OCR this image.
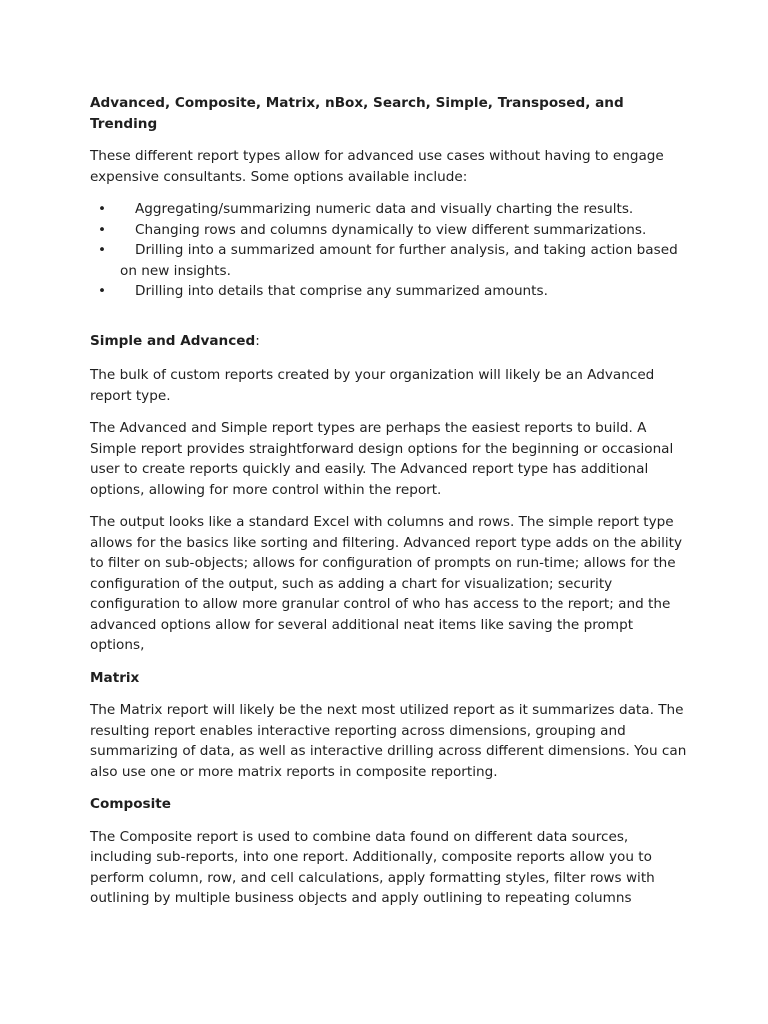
Advanced, Composite, Matrix, nBox, Search, Simple, Transposed, and Trending

These different report types allow for advanced use cases without having to engage expensive consultants. Some options available include:

• Aggregating/summarizing numeric data and visually charting the results.
• Changing rows and columns dynamically to view different summarizations.
• Drilling into a summarized amount for further analysis, and taking action based on new insights.
• Drilling into details that comprise any summarized amounts.

Simple and Advanced:

The bulk of custom reports created by your organization will likely be an Advanced report type.

The Advanced and Simple report types are perhaps the easiest reports to build. A Simple report provides straightforward design options for the beginning or occasional user to create reports quickly and easily. The Advanced report type has additional options, allowing for more control within the report.

The output looks like a standard Excel with columns and rows. The simple report type allows for the basics like sorting and filtering. Advanced report type adds on the ability to filter on sub-objects; allows for configuration of prompts on run-time; allows for the configuration of the output, such as adding a chart for visualization; security configuration to allow more granular control of who has access to the report; and the advanced options allow for several additional neat items like saving the prompt options,

Matrix

The Matrix report will likely be the next most utilized report as it summarizes data. The resulting report enables interactive reporting across dimensions, grouping and summarizing of data, as well as interactive drilling across different dimensions. You can also use one or more matrix reports in composite reporting.

Composite

The Composite report is used to combine data found on different data sources, including sub-reports, into one report. Additionally, composite reports allow you to perform column, row, and cell calculations, apply formatting styles, filter rows with outlining by multiple business objects and apply outlining to repeating columns
